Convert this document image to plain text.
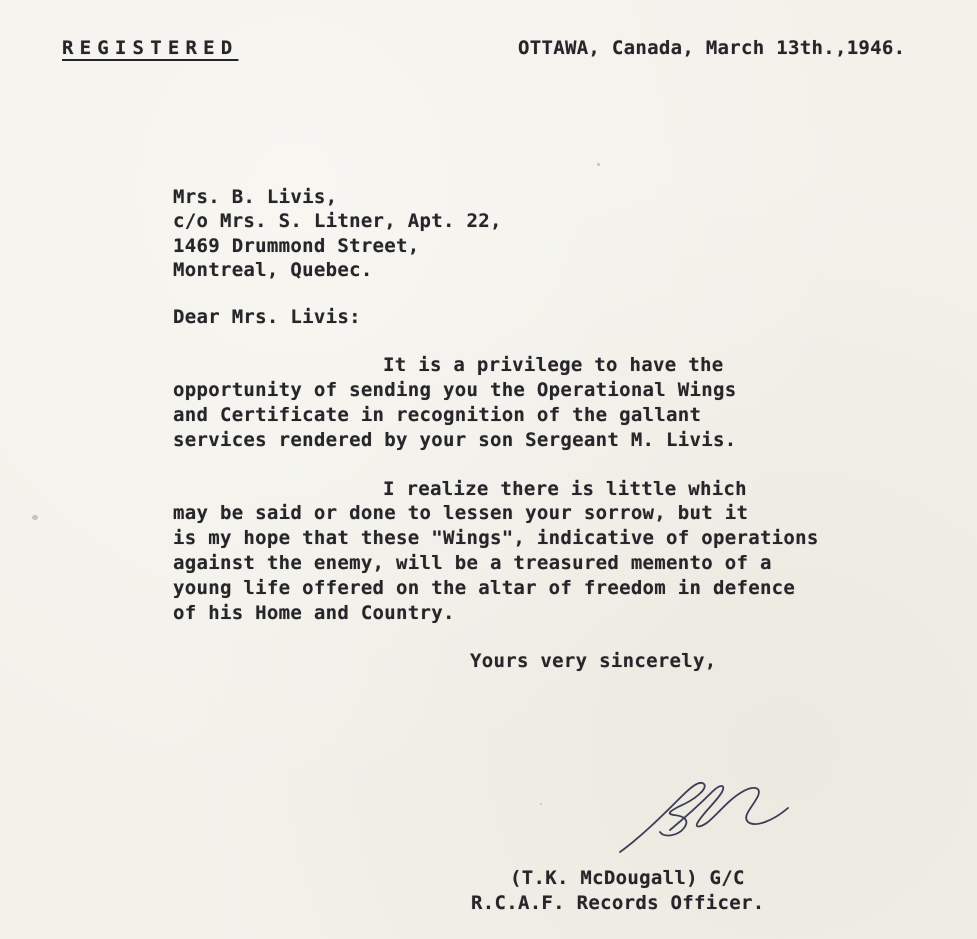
REGISTERED	OTTAWA, Canada, March 13th.,1946.
Mrs. B. Livis,
c/o Mrs. S. Litner, Apt. 22,
1469 Drummond Street,
Montreal, Quebec.
Dear Mrs. Livis:
It is a privilege to have the
opportunity of sending you the Operational Wings
and Certificate in recognition of the gallant
services rendered by your son Sergeant M. Livis.
I realize there is little which
may be said or done to lessen your sorrow, but it
is my hope that these "Wings", indicative of operations
against the enemy, will be a treasured memento of a
young life offered on the altar of freedom in defence
of his Home and Country.
Yours very sincerely,
(T.K. McDougall) G/C
R.C.A.F. Records Officer.
